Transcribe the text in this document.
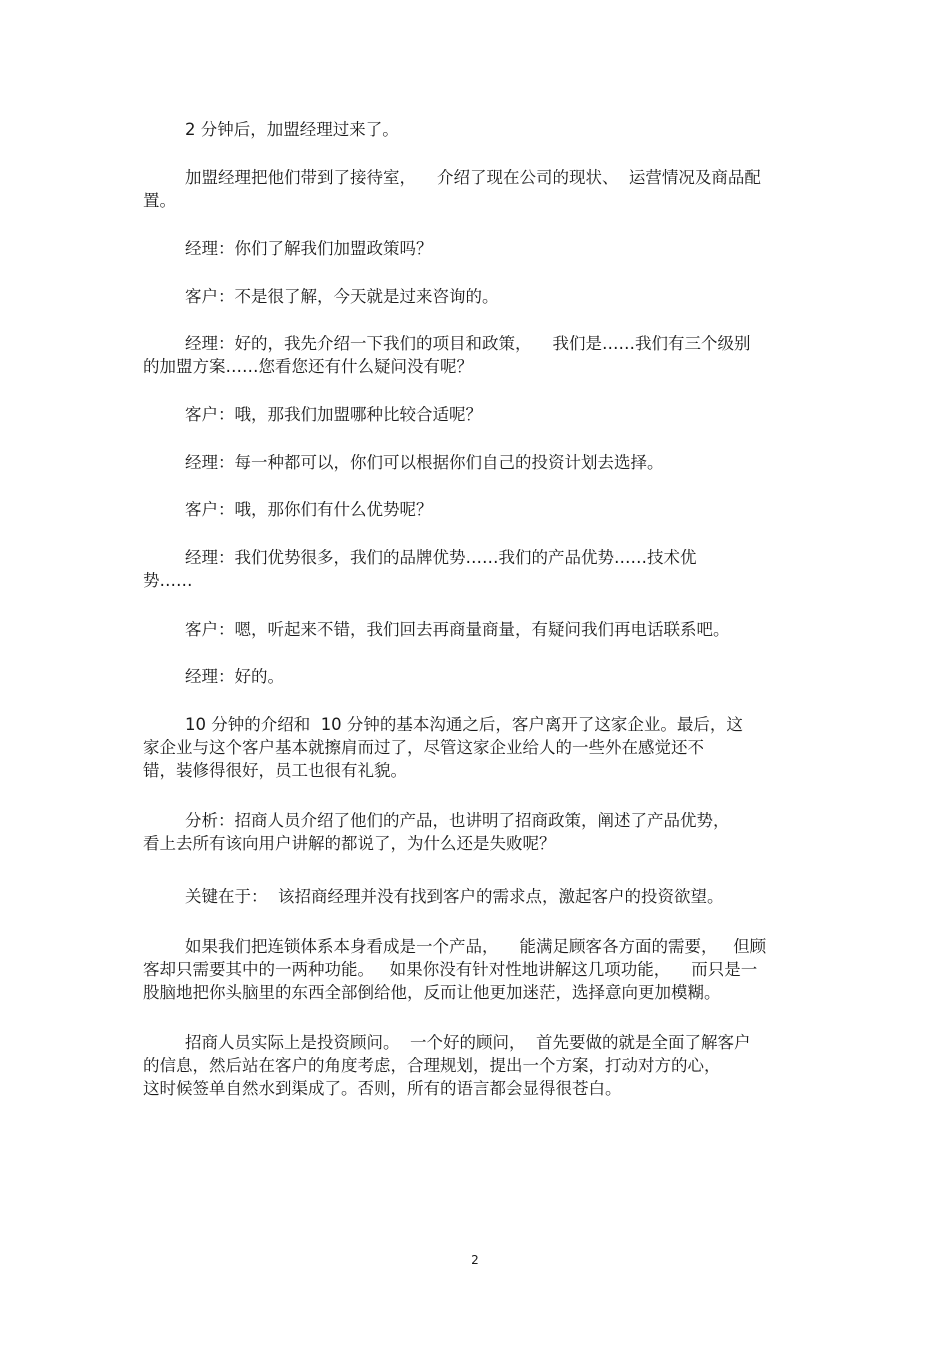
2 分钟后，加盟经理过来了。

加盟经理把他们带到了接待室，    介绍了现在公司的现状、  运营情况及商品配
置。

经理：你们了解我们加盟政策吗？

客户：不是很了解，今天就是过来咨询的。

经理：好的，我先介绍一下我们的项目和政策，    我们是……我们有三个级别
的加盟方案……您看您还有什么疑问没有呢？

客户：哦，那我们加盟哪种比较合适呢？

经理：每一种都可以，你们可以根据你们自己的投资计划去选择。

客户：哦，那你们有什么优势呢？

经理：我们优势很多，我们的品牌优势……我们的产品优势……技术优
势……

客户：嗯，听起来不错，我们回去再商量商量，有疑问我们再电话联系吧。

经理：好的。

10 分钟的介绍和  10 分钟的基本沟通之后，客户离开了这家企业。最后，这
家企业与这个客户基本就擦肩而过了，尽管这家企业给人的一些外在感觉还不
错，装修得很好，员工也很有礼貌。

分析：招商人员介绍了他们的产品，也讲明了招商政策，阐述了产品优势，
看上去所有该向用户讲解的都说了，为什么还是失败呢？

关键在于：  该招商经理并没有找到客户的需求点，激起客户的投资欲望。

如果我们把连锁体系本身看成是一个产品，    能满足顾客各方面的需要，   但顾
客却只需要其中的一两种功能。   如果你没有针对性地讲解这几项功能，    而只是一
股脑地把你头脑里的东西全部倒给他，反而让他更加迷茫，选择意向更加模糊。

招商人员实际上是投资顾问。  一个好的顾问，  首先要做的就是全面了解客户
的信息，然后站在客户的角度考虑，合理规划，提出一个方案，打动对方的心，
这时候签单自然水到渠成了。否则，所有的语言都会显得很苍白。

2
